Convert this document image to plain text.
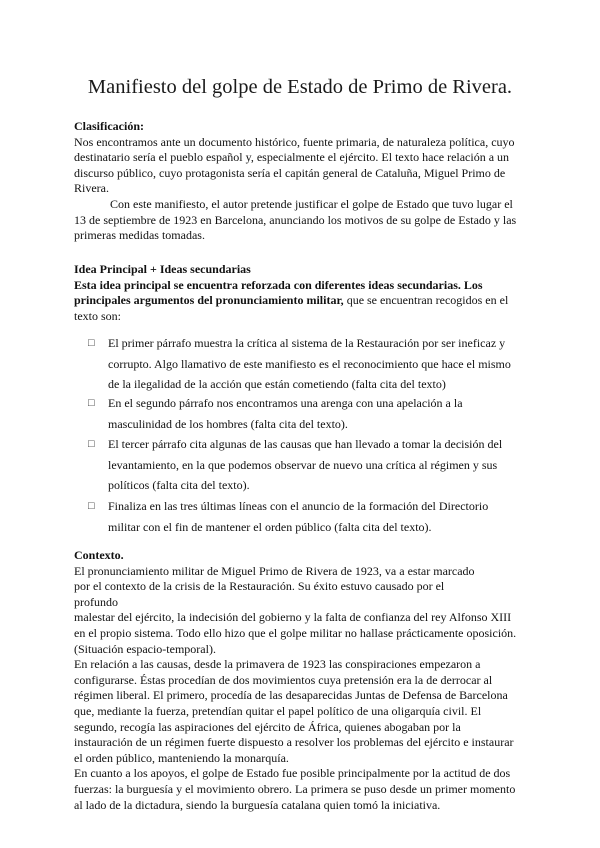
Manifiesto del golpe de Estado de Primo de Rivera.

Clasificación:

Nos encontramos ante un documento histórico, fuente primaria, de naturaleza política, cuyo destinatario sería el pueblo español y, especialmente el ejército. El texto hace relación a un discurso público, cuyo protagonista sería el capitán general de Cataluña, Miguel Primo de Rivera.

Con este manifiesto, el autor pretende justificar el golpe de Estado que tuvo lugar el 13 de septiembre de 1923 en Barcelona, anunciando los motivos de su golpe de Estado y las primeras medidas tomadas.

Idea Principal + Ideas secundarias

Esta idea principal se encuentra reforzada con diferentes ideas secundarias. Los principales argumentos del pronunciamiento militar, que se encuentran recogidos en el texto son:

□ El primer párrafo muestra la crítica al sistema de la Restauración por ser ineficaz y corrupto. Algo llamativo de este manifiesto es el reconocimiento que hace el mismo de la ilegalidad de la acción que están cometiendo (falta cita del texto)
□ En el segundo párrafo nos encontramos una arenga con una apelación a la masculinidad de los hombres (falta cita del texto).
□ El tercer párrafo cita algunas de las causas que han llevado a tomar la decisión del levantamiento, en la que podemos observar de nuevo una crítica al régimen y sus políticos (falta cita del texto).
□ Finaliza en las tres últimas líneas con el anuncio de la formación del Directorio militar con el fin de mantener el orden público (falta cita del texto).

Contexto.

El pronunciamiento militar de Miguel Primo de Rivera de 1923, va a estar marcado

por el contexto de la crisis de la Restauración. Su éxito estuvo causado por el

profundo

malestar del ejército, la indecisión del gobierno y la falta de confianza del rey Alfonso XIII en el propio sistema. Todo ello hizo que el golpe militar no hallase prácticamente oposición. (Situación espacio-temporal).

En relación a las causas, desde la primavera de 1923 las conspiraciones empezaron a configurarse. Éstas procedían de dos movimientos cuya pretensión era la de derrocar al régimen liberal. El primero, procedía de las desaparecidas Juntas de Defensa de Barcelona que, mediante la fuerza, pretendían quitar el papel político de una oligarquía civil. El segundo, recogía las aspiraciones del ejército de África, quienes abogaban por la instauración de un régimen fuerte dispuesto a resolver los problemas del ejército e instaurar el orden público, manteniendo la monarquía.

En cuanto a los apoyos, el golpe de Estado fue posible principalmente por la actitud de dos fuerzas: la burguesía y el movimiento obrero. La primera se puso desde un primer momento al lado de la dictadura, siendo la burguesía catalana quien tomó la iniciativa.
